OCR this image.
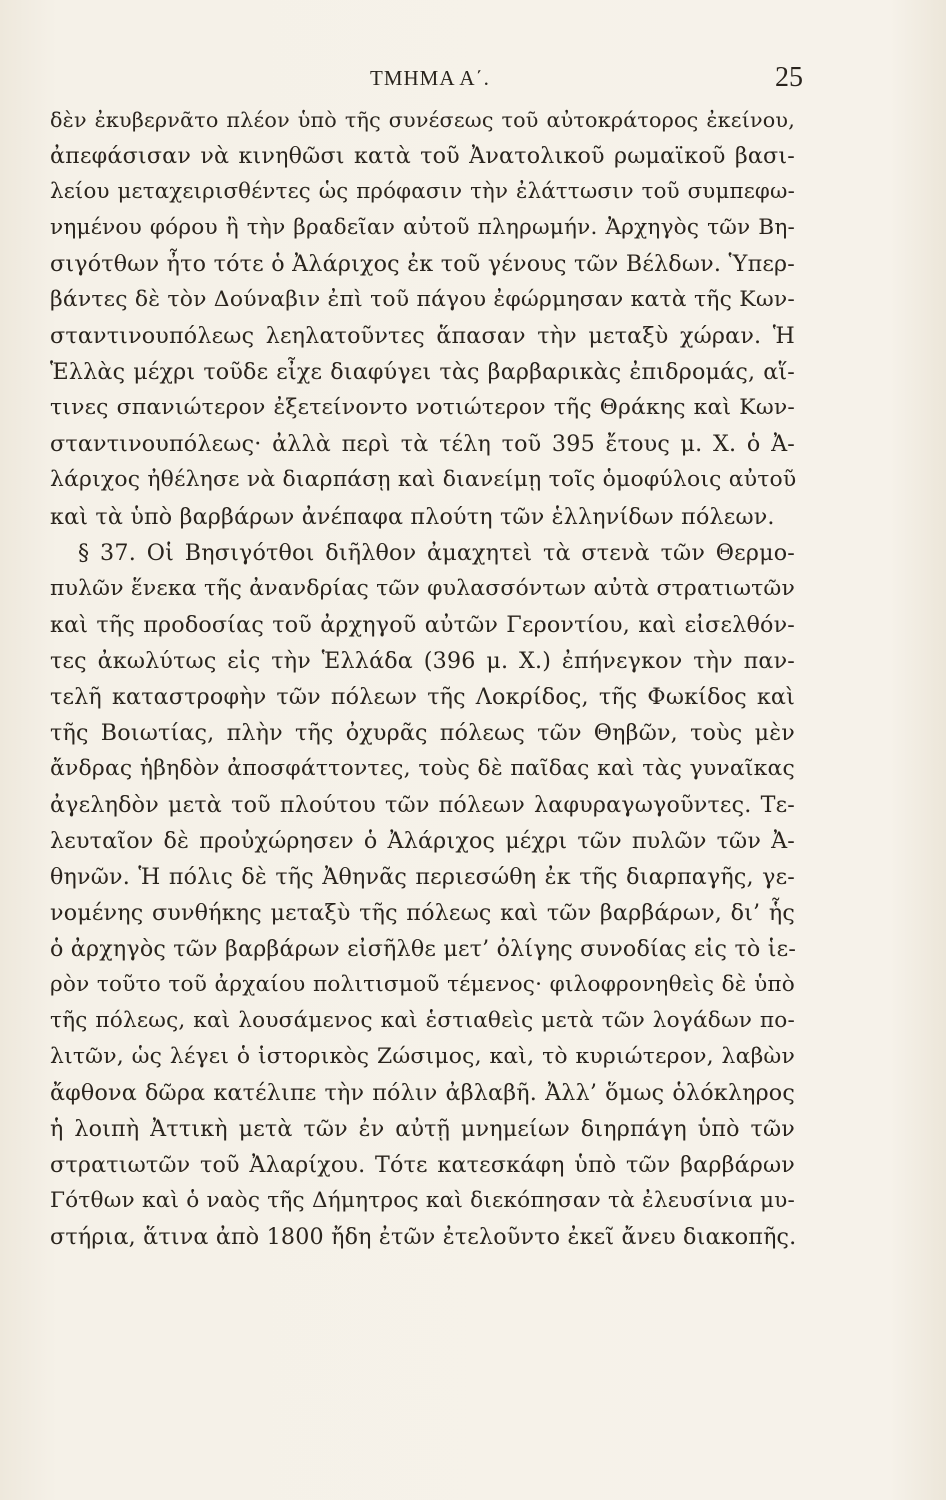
ΤΜΗΜΑ Α΄.	25
δὲν ἐκυβερνᾶτο πλέον ὑπὸ τῆς συνέσεως τοῦ αὐτοκράτορος ἐκείνου,
ἀπεφάσισαν νὰ κινηθῶσι κατὰ τοῦ Ἀνατολικοῦ ρωμαϊκοῦ βασι-
λείου μεταχειρισθέντες ὡς πρόφασιν τὴν ἐλάττωσιν τοῦ συμπεφω-
νημένου φόρου ἢ τὴν βραδεῖαν αὐτοῦ πληρωμήν. Ἀρχηγὸς τῶν Βη-
σιγότθων ἦτο τότε ὁ Ἀλάριχος ἐκ τοῦ γένους τῶν Βέλδων. Ὑπερ-
βάντες δὲ τὸν Δούναβιν ἐπὶ τοῦ πάγου ἐφώρμησαν κατὰ τῆς Κων-
σταντινουπόλεως λεηλατοῦντες ἅπασαν τὴν μεταξὺ χώραν. Ἡ
Ἑλλὰς μέχρι τοῦδε εἶχε διαφύγει τὰς βαρβαρικὰς ἐπιδρομάς, αἵ-
τινες σπανιώτερον ἐξετείνοντο νοτιώτερον τῆς Θράκης καὶ Κων-
σταντινουπόλεως· ἀλλὰ περὶ τὰ τέλη τοῦ 395 ἔτους μ. Χ. ὁ Ἀ-
λάριχος ἠθέλησε νὰ διαρπάσῃ καὶ διανείμῃ τοῖς ὁμοφύλοις αὐτοῦ
καὶ τὰ ὑπὸ βαρβάρων ἀνέπαφα πλούτη τῶν ἑλληνίδων πόλεων.
§ 37. Οἱ Βησιγότθοι διῆλθον ἀμαχητεὶ τὰ στενὰ τῶν Θερμο-
πυλῶν ἕνεκα τῆς ἀνανδρίας τῶν φυλασσόντων αὐτὰ στρατιωτῶν
καὶ τῆς προδοσίας τοῦ ἀρχηγοῦ αὐτῶν Γεροντίου, καὶ εἰσελθόν-
τες ἀκωλύτως εἰς τὴν Ἑλλάδα (396 μ. Χ.) ἐπήνεγκον τὴν παν-
τελῆ καταστροφὴν τῶν πόλεων τῆς Λοκρίδος, τῆς Φωκίδος καὶ
τῆς Βοιωτίας, πλὴν τῆς ὀχυρᾶς πόλεως τῶν Θηβῶν, τοὺς μὲν
ἄνδρας ἡβηδὸν ἀποσφάττοντες, τοὺς δὲ παῖδας καὶ τὰς γυναῖκας
ἀγεληδὸν μετὰ τοῦ πλούτου τῶν πόλεων λαφυραγωγοῦντες. Τε-
λευταῖον δὲ προὐχώρησεν ὁ Ἀλάριχος μέχρι τῶν πυλῶν τῶν Ἀ-
θηνῶν. Ἡ πόλις δὲ τῆς Ἀθηνᾶς περιεσώθη ἐκ τῆς διαρπαγῆς, γε-
νομένης συνθήκης μεταξὺ τῆς πόλεως καὶ τῶν βαρβάρων, δι’ ἧς
ὁ ἀρχηγὸς τῶν βαρβάρων εἰσῆλθε μετ’ ὀλίγης συνοδίας εἰς τὸ ἱε-
ρὸν τοῦτο τοῦ ἀρχαίου πολιτισμοῦ τέμενος· φιλοφρονηθεὶς δὲ ὑπὸ
τῆς πόλεως, καὶ λουσάμενος καὶ ἑστιαθεὶς μετὰ τῶν λογάδων πο-
λιτῶν, ὡς λέγει ὁ ἱστορικὸς Ζώσιμος, καὶ, τὸ κυριώτερον, λαβὼν
ἄφθονα δῶρα κατέλιπε τὴν πόλιν ἀβλαβῆ. Ἀλλ’ ὅμως ὁλόκληρος
ἡ λοιπὴ Ἀττικὴ μετὰ τῶν ἐν αὐτῇ μνημείων διηρπάγη ὑπὸ τῶν
στρατιωτῶν τοῦ Ἀλαρίχου. Τότε κατεσκάφη ὑπὸ τῶν βαρβάρων
Γότθων καὶ ὁ ναὸς τῆς Δήμητρος καὶ διεκόπησαν τὰ ἐλευσίνια μυ-
στήρια, ἅτινα ἀπὸ 1800 ἤδη ἐτῶν ἐτελοῦντο ἐκεῖ ἄνευ διακοπῆς.
